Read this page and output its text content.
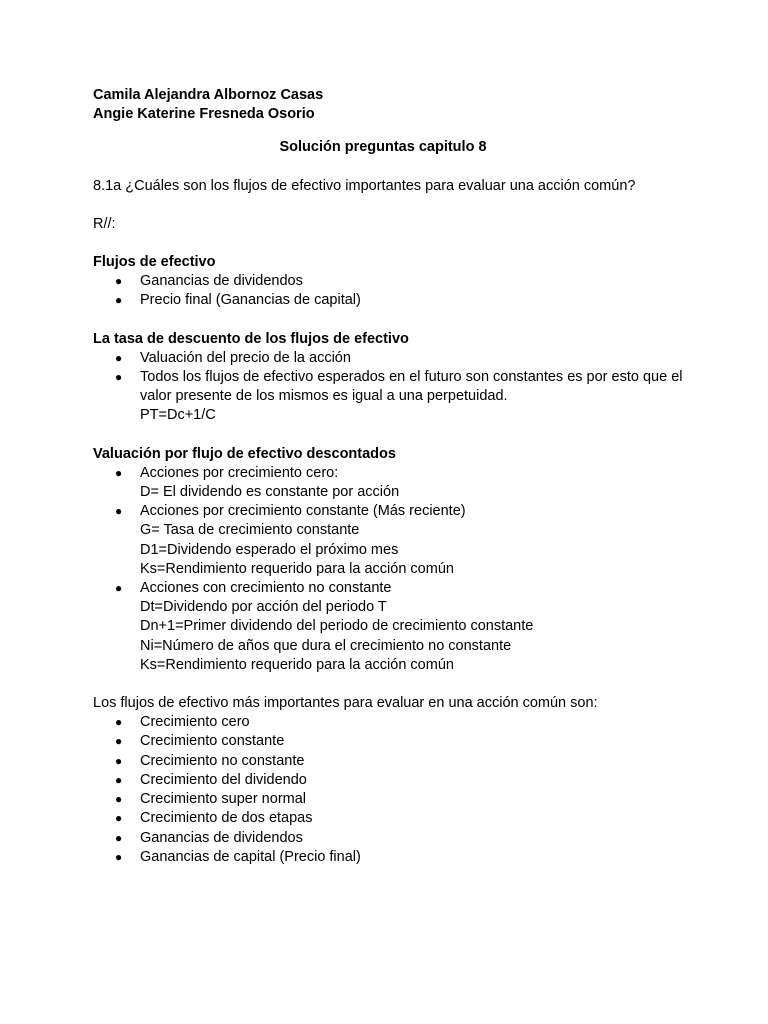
Camila Alejandra Albornoz Casas
Angie Katerine Fresneda Osorio
Solución preguntas capitulo 8
8.1a ¿Cuáles son los flujos de efectivo importantes para evaluar una acción común?
R//:
Flujos de efectivo
● Ganancias de dividendos
● Precio final (Ganancias de capital)
La tasa de descuento de los flujos de efectivo
● Valuación del precio de la acción
● Todos los flujos de efectivo esperados en el futuro son constantes es por esto que el valor presente de los mismos es igual a una perpetuidad.
PT=Dc+1/C
Valuación por flujo de efectivo descontados
● Acciones por crecimiento cero:
D= El dividendo es constante por acción
● Acciones por crecimiento constante (Más reciente)
G= Tasa de crecimiento constante
D1=Dividendo esperado el próximo mes
Ks=Rendimiento requerido para la acción común
● Acciones con crecimiento no constante
Dt=Dividendo por acción del periodo T
Dn+1=Primer dividendo del periodo de crecimiento constante
Ni=Número de años que dura el crecimiento no constante
Ks=Rendimiento requerido para la acción común
Los flujos de efectivo más importantes para evaluar en una acción común son:
● Crecimiento cero
● Crecimiento constante
● Crecimiento no constante
● Crecimiento del dividendo
● Crecimiento super normal
● Crecimiento de dos etapas
● Ganancias de dividendos
● Ganancias de capital (Precio final)
